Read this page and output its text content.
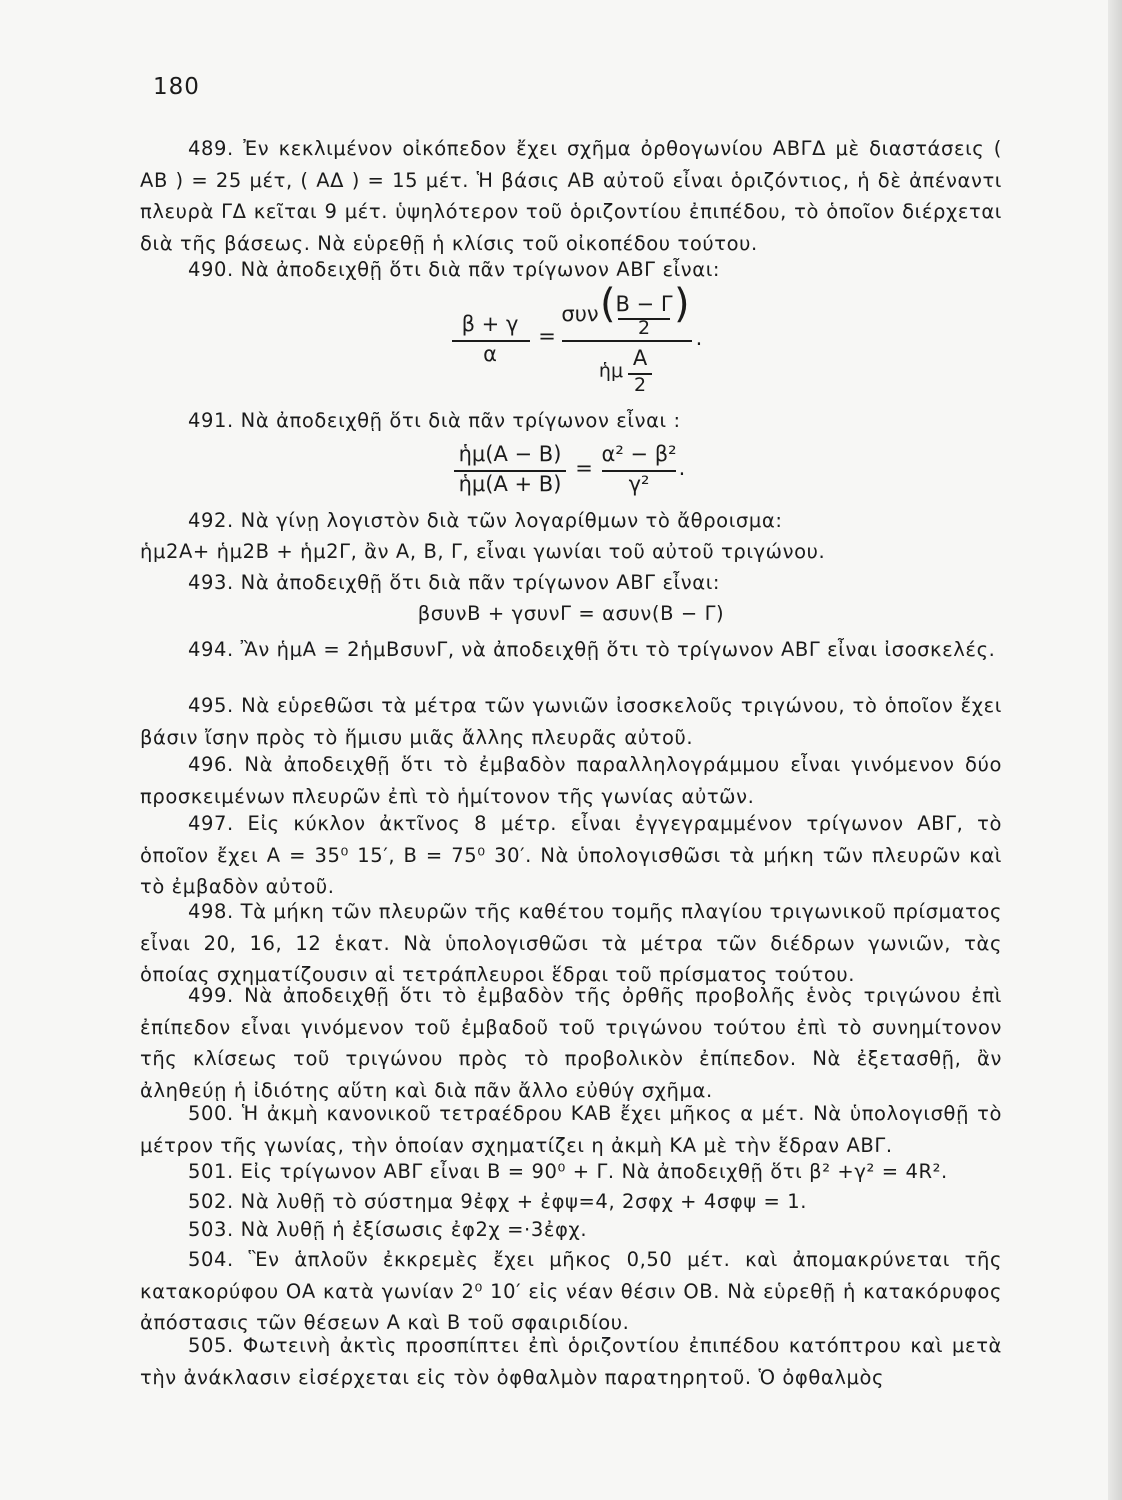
180
489. Ἐν κεκλιμένον οἰκόπεδον ἔχει σχῆμα ὀρθογωνίου ΑΒΓΔ μὲ διαστάσεις ( ΑΒ ) = 25 μέτ, ( ΑΔ ) = 15 μέτ. Ἡ βάσις ΑΒ αὐτοῦ εἶναι ὁριζόντιος, ἡ δὲ ἀπέναντι πλευρὰ ΓΔ κεῖται 9 μέτ. ὑψηλότερον τοῦ ὁριζοντίου ἐπιπέδου, τὸ ὁποῖον διέρχεται διὰ τῆς βάσεως. Νὰ εὑρεθῇ ἡ κλίσις τοῦ οἰκοπέδου τούτου.
490. Νὰ ἀποδειχθῇ ὅτι διὰ πᾶν τρίγωνον ΑΒΓ εἶναι:
β + γ
α
=
συν ( Β − Γ
2
)
.
ἡμ
Α
2
491. Νὰ ἀποδειχθῇ ὅτι διὰ πᾶν τρίγωνον εἶναι :
ἡμ(Α − Β)
ἡμ(Α + Β)
=
α² − β²
γ²
.
492. Νὰ γίνῃ λογιστὸν διὰ τῶν λογαρίθμων τὸ ἄθροισμα:
ἡμ2Α+ ἡμ2Β + ἡμ2Γ, ἂν Α, Β, Γ, εἶναι γωνίαι τοῦ αὐτοῦ τριγώνου.
493. Νὰ ἀποδειχθῇ ὅτι διὰ πᾶν τρίγωνον ΑΒΓ εἶναι:
βσυνΒ + γσυνΓ = ασυν(Β − Γ)
494. Ἂν ἡμΑ = 2ἡμΒσυνΓ, νὰ ἀποδειχθῇ ὅτι τὸ τρίγωνον ΑΒΓ εἶναι ἰσοσκελές.
495. Νὰ εὑρεθῶσι τὰ μέτρα τῶν γωνιῶν ἰσοσκελοῦς τριγώνου, τὸ ὁποῖον ἔχει βάσιν ἴσην πρὸς τὸ ἥμισυ μιᾶς ἄλλης πλευρᾶς αὐτοῦ.
496. Νὰ ἀποδειχθῇ ὅτι τὸ ἐμβαδὸν παραλληλογράμμου εἶναι γινόμενον δύο προσκειμένων πλευρῶν ἐπὶ τὸ ἡμίτονον τῆς γωνίας αὐτῶν.
497. Εἰς κύκλον ἀκτῖνος 8 μέτρ. εἶναι ἐγγεγραμμένον τρίγωνον ΑΒΓ, τὸ ὁποῖον ἔχει Α = 35⁰ 15′, Β = 75⁰ 30′. Νὰ ὑπολογισθῶσι τὰ μήκη τῶν πλευρῶν καὶ τὸ ἐμβαδὸν αὐτοῦ.
498. Τὰ μήκη τῶν πλευρῶν τῆς καθέτου τομῆς πλαγίου τριγωνικοῦ πρίσματος εἶναι 20, 16, 12 ἑκατ. Νὰ ὑπολογισθῶσι τὰ μέτρα τῶν διέδρων γωνιῶν, τὰς ὁποίας σχηματίζουσιν αἱ τετράπλευροι ἕδραι τοῦ πρίσματος τούτου.
499. Νὰ ἀποδειχθῇ ὅτι τὸ ἐμβαδὸν τῆς ὀρθῆς προβολῆς ἑνὸς τριγώνου ἐπὶ ἐπίπεδον εἶναι γινόμενον τοῦ ἐμβαδοῦ τοῦ τριγώνου τούτου ἐπὶ τὸ συνημίτονον τῆς κλίσεως τοῦ τριγώνου πρὸς τὸ προβολικὸν ἐπίπεδον. Νὰ ἐξετασθῇ, ἂν ἀληθεύῃ ἡ ἰδιότης αὕτη καὶ διὰ πᾶν ἄλλο εὐθύγ σχῆμα.
500. Ἡ ἀκμὴ κανονικοῦ τετραέδρου ΚΑΒ ἔχει μῆκος α μέτ. Νὰ ὑπολογισθῇ τὸ μέτρον τῆς γωνίας, τὴν ὁποίαν σχηματίζει η ἀκμὴ ΚΑ μὲ τὴν ἕδραν ΑΒΓ.
501. Εἰς τρίγωνον ΑΒΓ εἶναι Β = 90⁰ + Γ. Νὰ ἀποδειχθῇ ὅτι β² +γ² = 4R².
502. Νὰ λυθῇ τὸ σύστημα 9ἐφχ + ἐφψ=4, 2σφχ + 4σφψ = 1.
503. Νὰ λυθῇ ἡ ἐξίσωσις ἐφ2χ =·3ἐφχ.
504. Ἓν ἁπλοῦν ἐκκρεμὲς ἔχει μῆκος 0,50 μέτ. καὶ ἀπομακρύνεται τῆς κατακορύφου ΟΑ κατὰ γωνίαν 2⁰ 10′ εἰς νέαν θέσιν ΟΒ. Νὰ εὑρεθῇ ἡ κατακόρυφος ἀπόστασις τῶν θέσεων Α καὶ Β τοῦ σφαιριδίου.
505. Φωτεινὴ ἀκτὶς προσπίπτει ἐπὶ ὁριζοντίου ἐπιπέδου κατόπτρου καὶ μετὰ τὴν ἀνάκλασιν εἰσέρχεται εἰς τὸν ὀφθαλμὸν παρατηρητοῦ. Ὁ ὀφθαλμὸς
